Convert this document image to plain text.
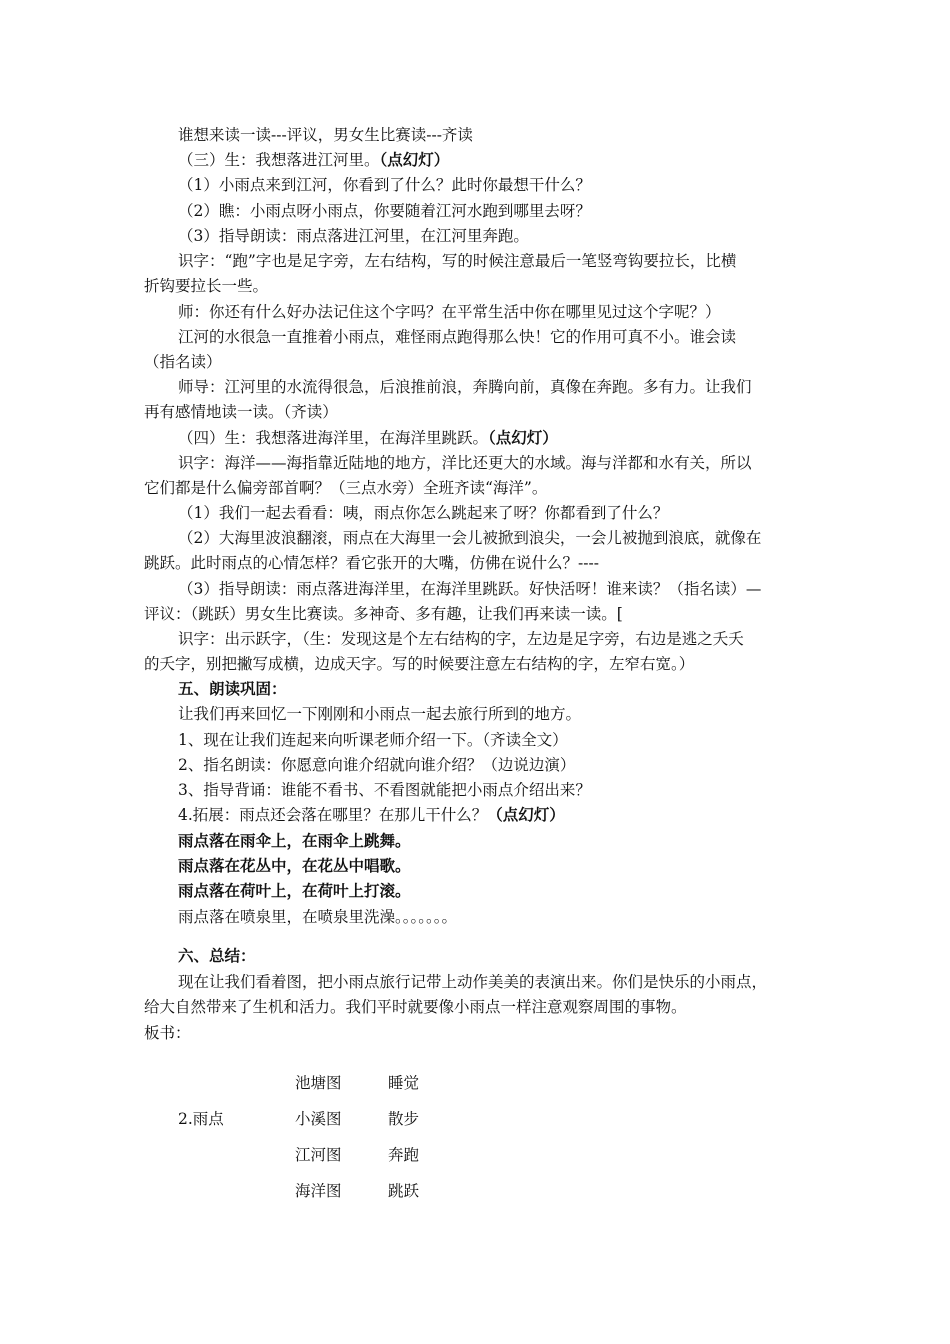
谁想来读一读---评议，男女生比赛读---齐读

（三）生：我想落进江河里。（点幻灯）

（1）小雨点来到江河，你看到了什么？此时你最想干什么？

（2）瞧：小雨点呀小雨点，你要随着江河水跑到哪里去呀？

（3）指导朗读：雨点落进江河里，在江河里奔跑。

识字：“跑”字也是足字旁，左右结构，写的时候注意最后一笔竖弯钩要拉长，比横

折钩要拉长一些。

师：你还有什么好办法记住这个字吗？在平常生活中你在哪里见过这个字呢？）

江河的水很急一直推着小雨点，难怪雨点跑得那么快！它的作用可真不小。谁会读

（指名读）

师导：江河里的水流得很急，后浪推前浪，奔腾向前，真像在奔跑。多有力。让我们

再有感情地读一读。（齐读）

（四）生：我想落进海洋里，在海洋里跳跃。（点幻灯）

识字：海洋——海指靠近陆地的地方，洋比还更大的水域。海与洋都和水有关，所以

它们都是什么偏旁部首啊？（三点水旁）全班齐读“海洋”。

（1）我们一起去看看：咦，雨点你怎么跳起来了呀？你都看到了什么？

（2）大海里波浪翻滚，雨点在大海里一会儿被掀到浪尖，一会儿被抛到浪底，就像在

跳跃。此时雨点的心情怎样？看它张开的大嘴，仿佛在说什么？----

（3）指导朗读：雨点落进海洋里，在海洋里跳跃。好快活呀！谁来读？（指名读）—

评议：（跳跃）男女生比赛读。多神奇、多有趣，让我们再来读一读。[

识字：出示跃字，（生：发现这是个左右结构的字，左边是足字旁，右边是逃之夭夭

的夭字，别把撇写成横，边成天字。写的时候要注意左右结构的字，左窄右宽。）

五、朗读巩固：

让我们再来回忆一下刚刚和小雨点一起去旅行所到的地方。

1、现在让我们连起来向听课老师介绍一下。（齐读全文）

2、指名朗读：你愿意向谁介绍就向谁介绍？（边说边演）

3、指导背诵：谁能不看书、不看图就能把小雨点介绍出来？

4.拓展：雨点还会落在哪里？在那儿干什么？（点幻灯）

雨点落在雨伞上，在雨伞上跳舞。

雨点落在花丛中，在花丛中唱歌。

雨点落在荷叶上，在荷叶上打滚。

雨点落在喷泉里，在喷泉里洗澡。。。。。。。

六、总结：

现在让我们看着图，把小雨点旅行记带上动作美美的表演出来。你们是快乐的小雨点，

给大自然带来了生机和活力。我们平时就要像小雨点一样注意观察周围的事物。

板书：

2.雨点
池塘图	睡觉
小溪图	散步
江河图	奔跑
海洋图	跳跃
